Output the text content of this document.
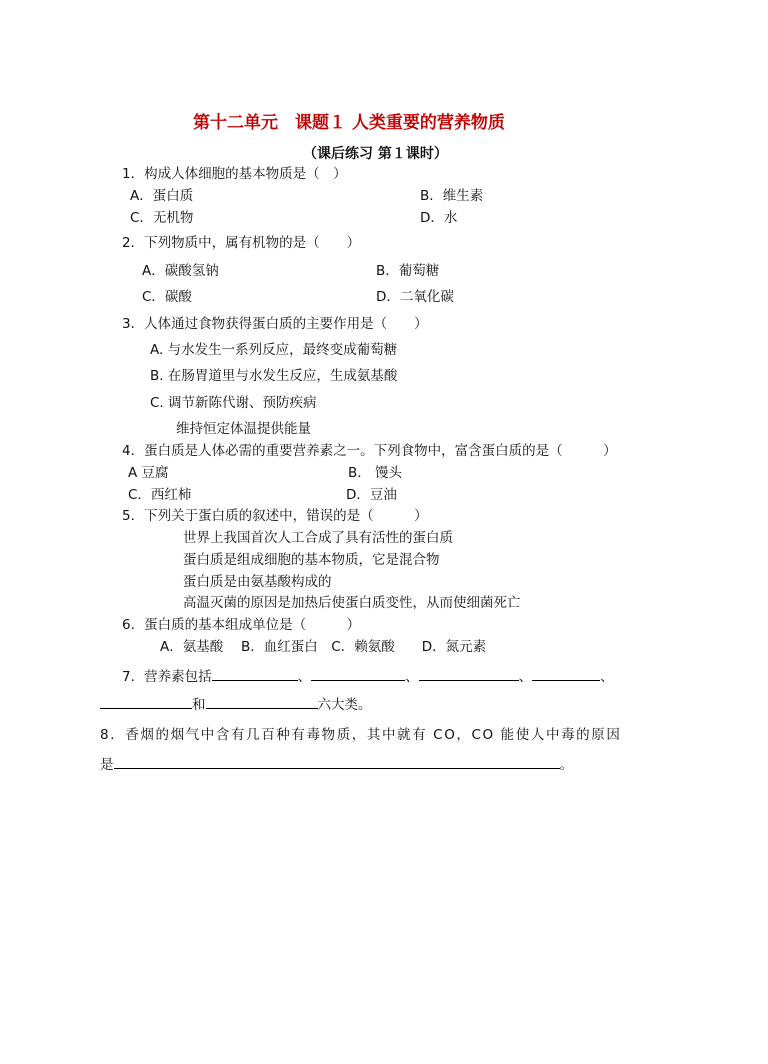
第十二单元　课题１ 人类重要的营养物质
（课后练习 第１课时）
1．构成人体细胞的基本物质是（　）
A．蛋白质	B．维生素
C．无机物	D．水
2．下列物质中，属有机物的是（　　）
A．碳酸氢钠	B．葡萄糖
C．碳酸	D．二氧化碳
3．人体通过食物获得蛋白质的主要作用是（　　）
A. 与水发生一系列反应，最终变成葡萄糖
B. 在肠胃道里与水发生反应，生成氨基酸
C. 调节新陈代谢、预防疾病
维持恒定体温提供能量
4．蛋白质是人体必需的重要营养素之一。下列食物中，富含蛋白质的是（　　　）
A 豆腐	B． 馒头
C．西红柿	D．豆油
5．下列关于蛋白质的叙述中，错误的是（　　　）
世界上我国首次人工合成了具有活性的蛋白质
蛋白质是组成细胞的基本物质，它是混合物
蛋白质是由氨基酸构成的
高温灭菌的原因是加热后使蛋白质变性，从而使细菌死亡
6．蛋白质的基本组成单位是（　　　）
A．氨基酸　 B．血红蛋白　C．赖氨酸　　D．氮元素
7．营养素包括	、	、	、	、
和	六大类。
8．香烟的烟气中含有几百种有毒物质，其中就有 CO，CO 能使人中毒的原因
是	。
